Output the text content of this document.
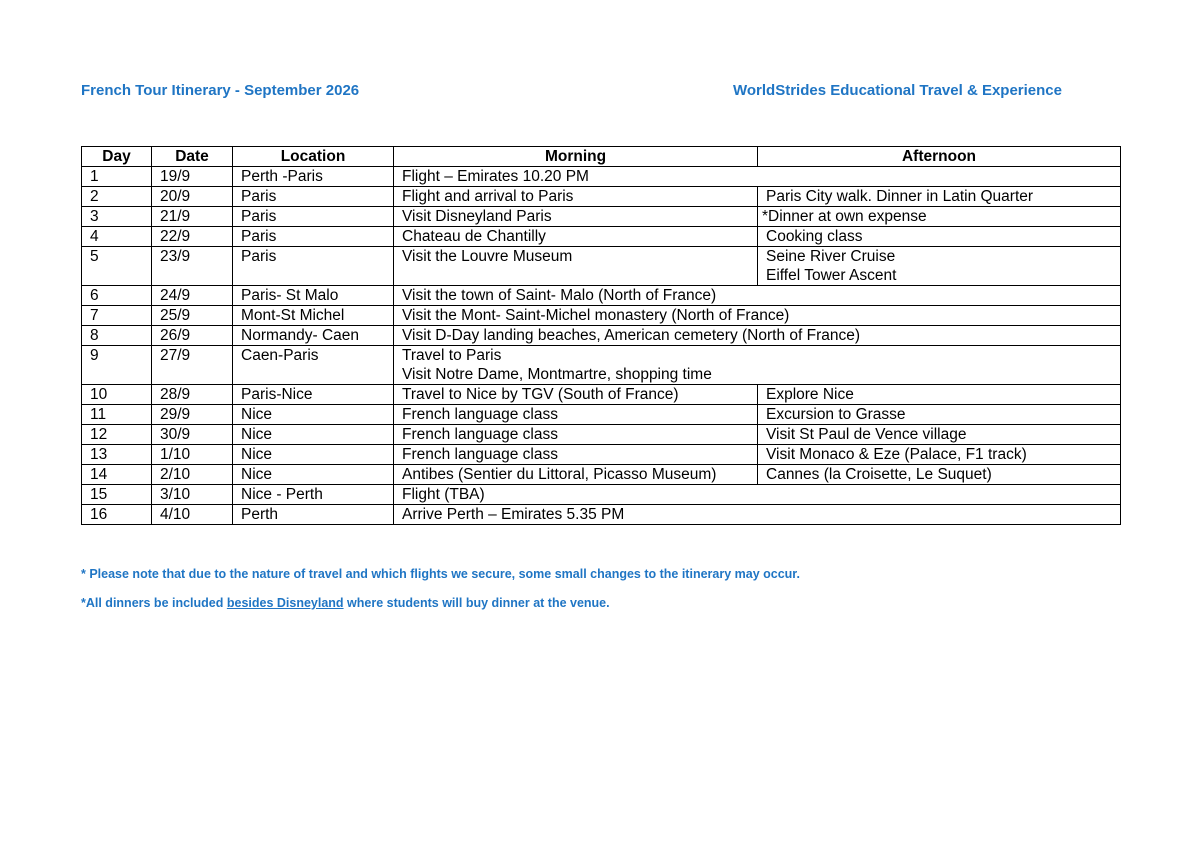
French Tour Itinerary - September 2026	WorldStrides Educational Travel & Experience
Day	Date	Location	Morning	Afternoon
1	19/9	Perth -Paris	Flight – Emirates 10.20 PM	
2	20/9	Paris	Flight and arrival to Paris	Paris City walk. Dinner in Latin Quarter
3	21/9	Paris	Visit Disneyland Paris	*Dinner at own expense
4	22/9	Paris	Chateau de Chantilly	Cooking class
5	23/9	Paris	Visit the Louvre Museum	Seine River Cruise
Eiffel Tower Ascent

6	24/9	Paris- St Malo	Visit the town of Saint- Malo (North of France)	
7	25/9	Mont-St Michel	Visit the Mont- Saint-Michel monastery (North of France)	
8	26/9	Normandy- Caen	Visit D-Day landing beaches, American cemetery (North of France)	
9	27/9	Caen-Paris	Travel to Paris
Visit Notre Dame, Montmartre, shopping time	

10	28/9	Paris-Nice	Travel to Nice by TGV (South of France)	Explore Nice
11	29/9	Nice	French language class	Excursion to Grasse
12	30/9	Nice	French language class	Visit St Paul de Vence village
13	1/10	Nice	French language class	Visit Monaco & Eze (Palace, F1 track)
14	2/10	Nice	Antibes (Sentier du Littoral, Picasso Museum)	Cannes (la Croisette, Le Suquet)
15	3/10	Nice - Perth	Flight (TBA)	
16	4/10	Perth	Arrive Perth – Emirates 5.35 PM	

* Please note that due to the nature of travel and which flights we secure, some small changes to the itinerary may occur.

*All dinners be included besides Disneyland where students will buy dinner at the venue.
